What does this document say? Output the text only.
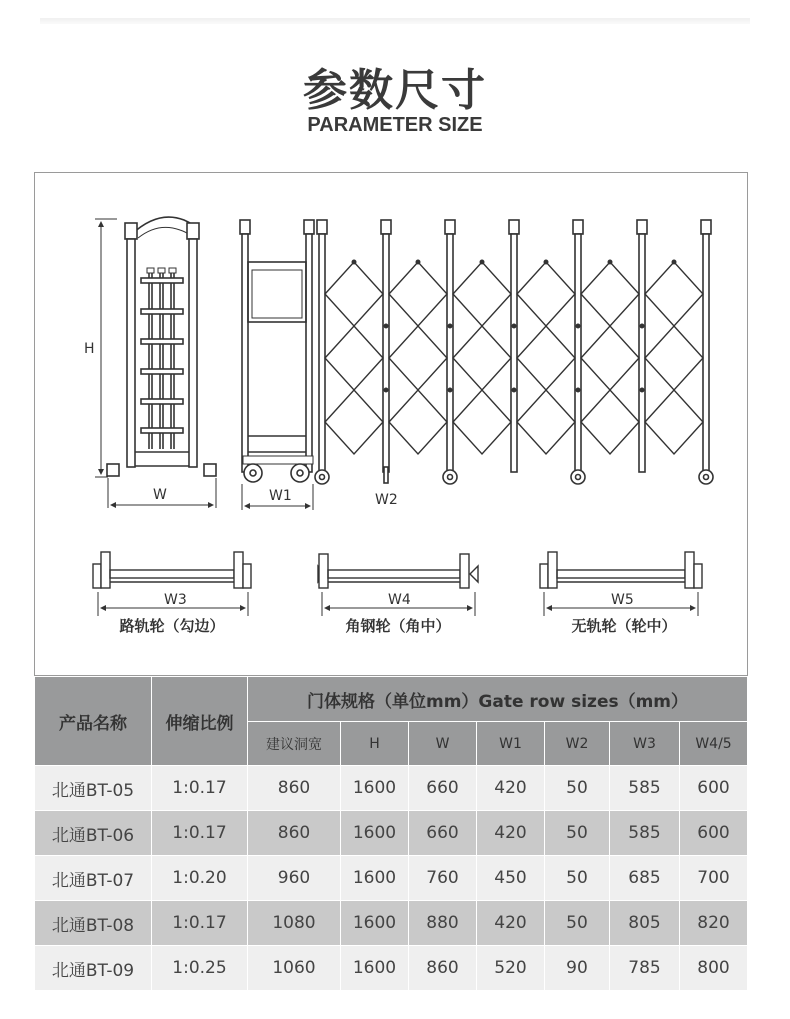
参数尺寸
PARAMETER SIZE
H
W	W1	W2
W3	W4	W5
路轨轮（勾边）	角钢轮（角中）	无轨轮（轮中）
产品名称	伸缩比例	门体规格（单位mm）Gate row sizes（mm）						
		建议洞宽	H	W	W1	W2	W3	W4/5
北通BT-05	1:0.17	860	1600	660	420	50	585	600
北通BT-06	1:0.17	860	1600	660	420	50	585	600
北通BT-07	1:0.20	960	1600	760	450	50	685	700
北通BT-08	1:0.17	1080	1600	880	420	50	805	820
北通BT-09	1:0.25	1060	1600	860	520	90	785	800
